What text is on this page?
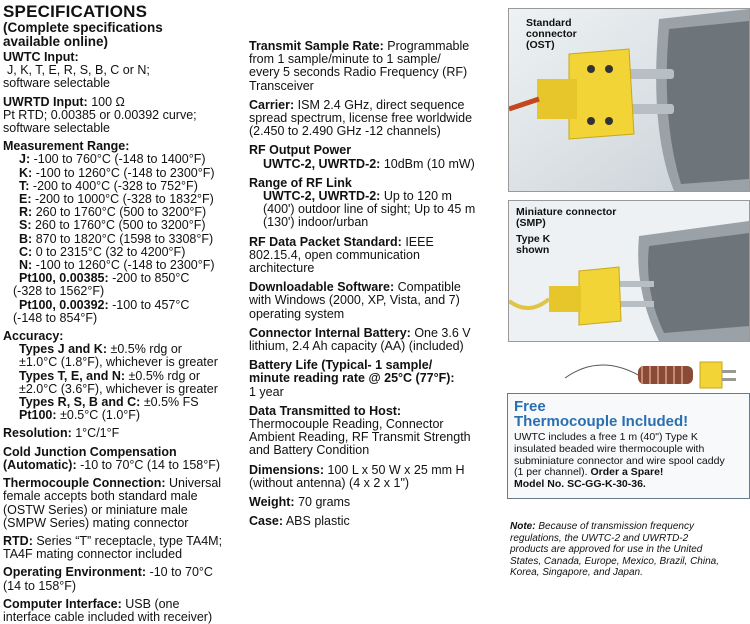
SPECIFICATIONS
(Complete specifications
available online)
UWTC Input:
J, K, T, E, R, S, B, C or N;
software selectable
UWRTD Input: 100 Ω
Pt RTD; 0.00385 or 0.00392 curve;
software selectable
Measurement Range:
J: -100 to 760°C (-148 to 1400°F)
K: -100 to 1260°C (-148 to 2300°F)
T: -200 to 400°C (-328 to 752°F)
E: -200 to 1000°C (-328 to 1832°F)
R: 260 to 1760°C (500 to 3200°F)
S: 260 to 1760°C (500 to 3200°F)
B: 870 to 1820°C (1598 to 3308°F)
C: 0 to 2315°C (32 to 4200°F)
N: -100 to 1260°C (-148 to 2300°F)
Pt100, 0.00385: -200 to 850°C
(-328 to 1562°F)
Pt100, 0.00392: -100 to 457°C
(-148 to 854°F)
Accuracy:
Types J and K: ±0.5% rdg or
±1.0°C (1.8°F), whichever is greater
Types T, E, and N: ±0.5% rdg or
±2.0°C (3.6°F), whichever is greater
Types R, S, B and C: ±0.5% FS
Pt100: ±0.5°C (1.0°F)
Resolution: 1°C/1°F
Cold Junction Compensation
(Automatic): -10 to 70°C (14 to 158°F)
Thermocouple Connection: Universal
female accepts both standard male
(OSTW Series) or miniature male
(SMPW Series) mating connector
RTD: Series “T” receptacle, type TA4M;
TA4F mating connector included
Operating Environment: -10 to 70°C
(14 to 158°F)
Computer Interface: USB (one
interface cable included with receiver)
Transmit Sample Rate: Programmable
from 1 sample/minute to 1 sample/
every 5 seconds Radio Frequency (RF)
Transceiver
Carrier: ISM 2.4 GHz, direct sequence
spread spectrum, license free worldwide
(2.450 to 2.490 GHz -12 channels)
RF Output Power
UWTC-2, UWRTD-2: 10dBm (10 mW)
Range of RF Link
UWTC-2, UWRTD-2: Up to 120 m
(400') outdoor line of sight; Up to 45 m
(130') indoor/urban
RF Data Packet Standard: IEEE
802.15.4, open communication
architecture
Downloadable Software: Compatible
with Windows (2000, XP, Vista, and 7)
operating system
Connector Internal Battery: One 3.6 V
lithium, 2.4 Ah capacity (AA) (included)
Battery Life (Typical- 1 sample/
minute reading rate @ 25°C (77°F):
1 year
Data Transmitted to Host:
Thermocouple Reading, Connector
Ambient Reading, RF Transmit Strength
and Battery Condition
Dimensions: 100 L x 50 W x 25 mm H
(without antenna) (4 x 2 x 1")
Weight: 70 grams
Case: ABS plastic
Standard
connector
(OST)
Miniature connector
(SMP)
Type K
shown
Free
Thermocouple Included!
UWTC includes a free 1 m (40") Type K
insulated beaded wire thermocouple with
subminiature connector and wire spool caddy
(1 per channel). Order a Spare!
Model No. SC-GG-K-30-36.
Note: Because of transmission frequency
regulations, the UWTC-2 and UWRTD-2
products are approved for use in the United
States, Canada, Europe, Mexico, Brazil, China,
Korea, Singapore, and Japan.
